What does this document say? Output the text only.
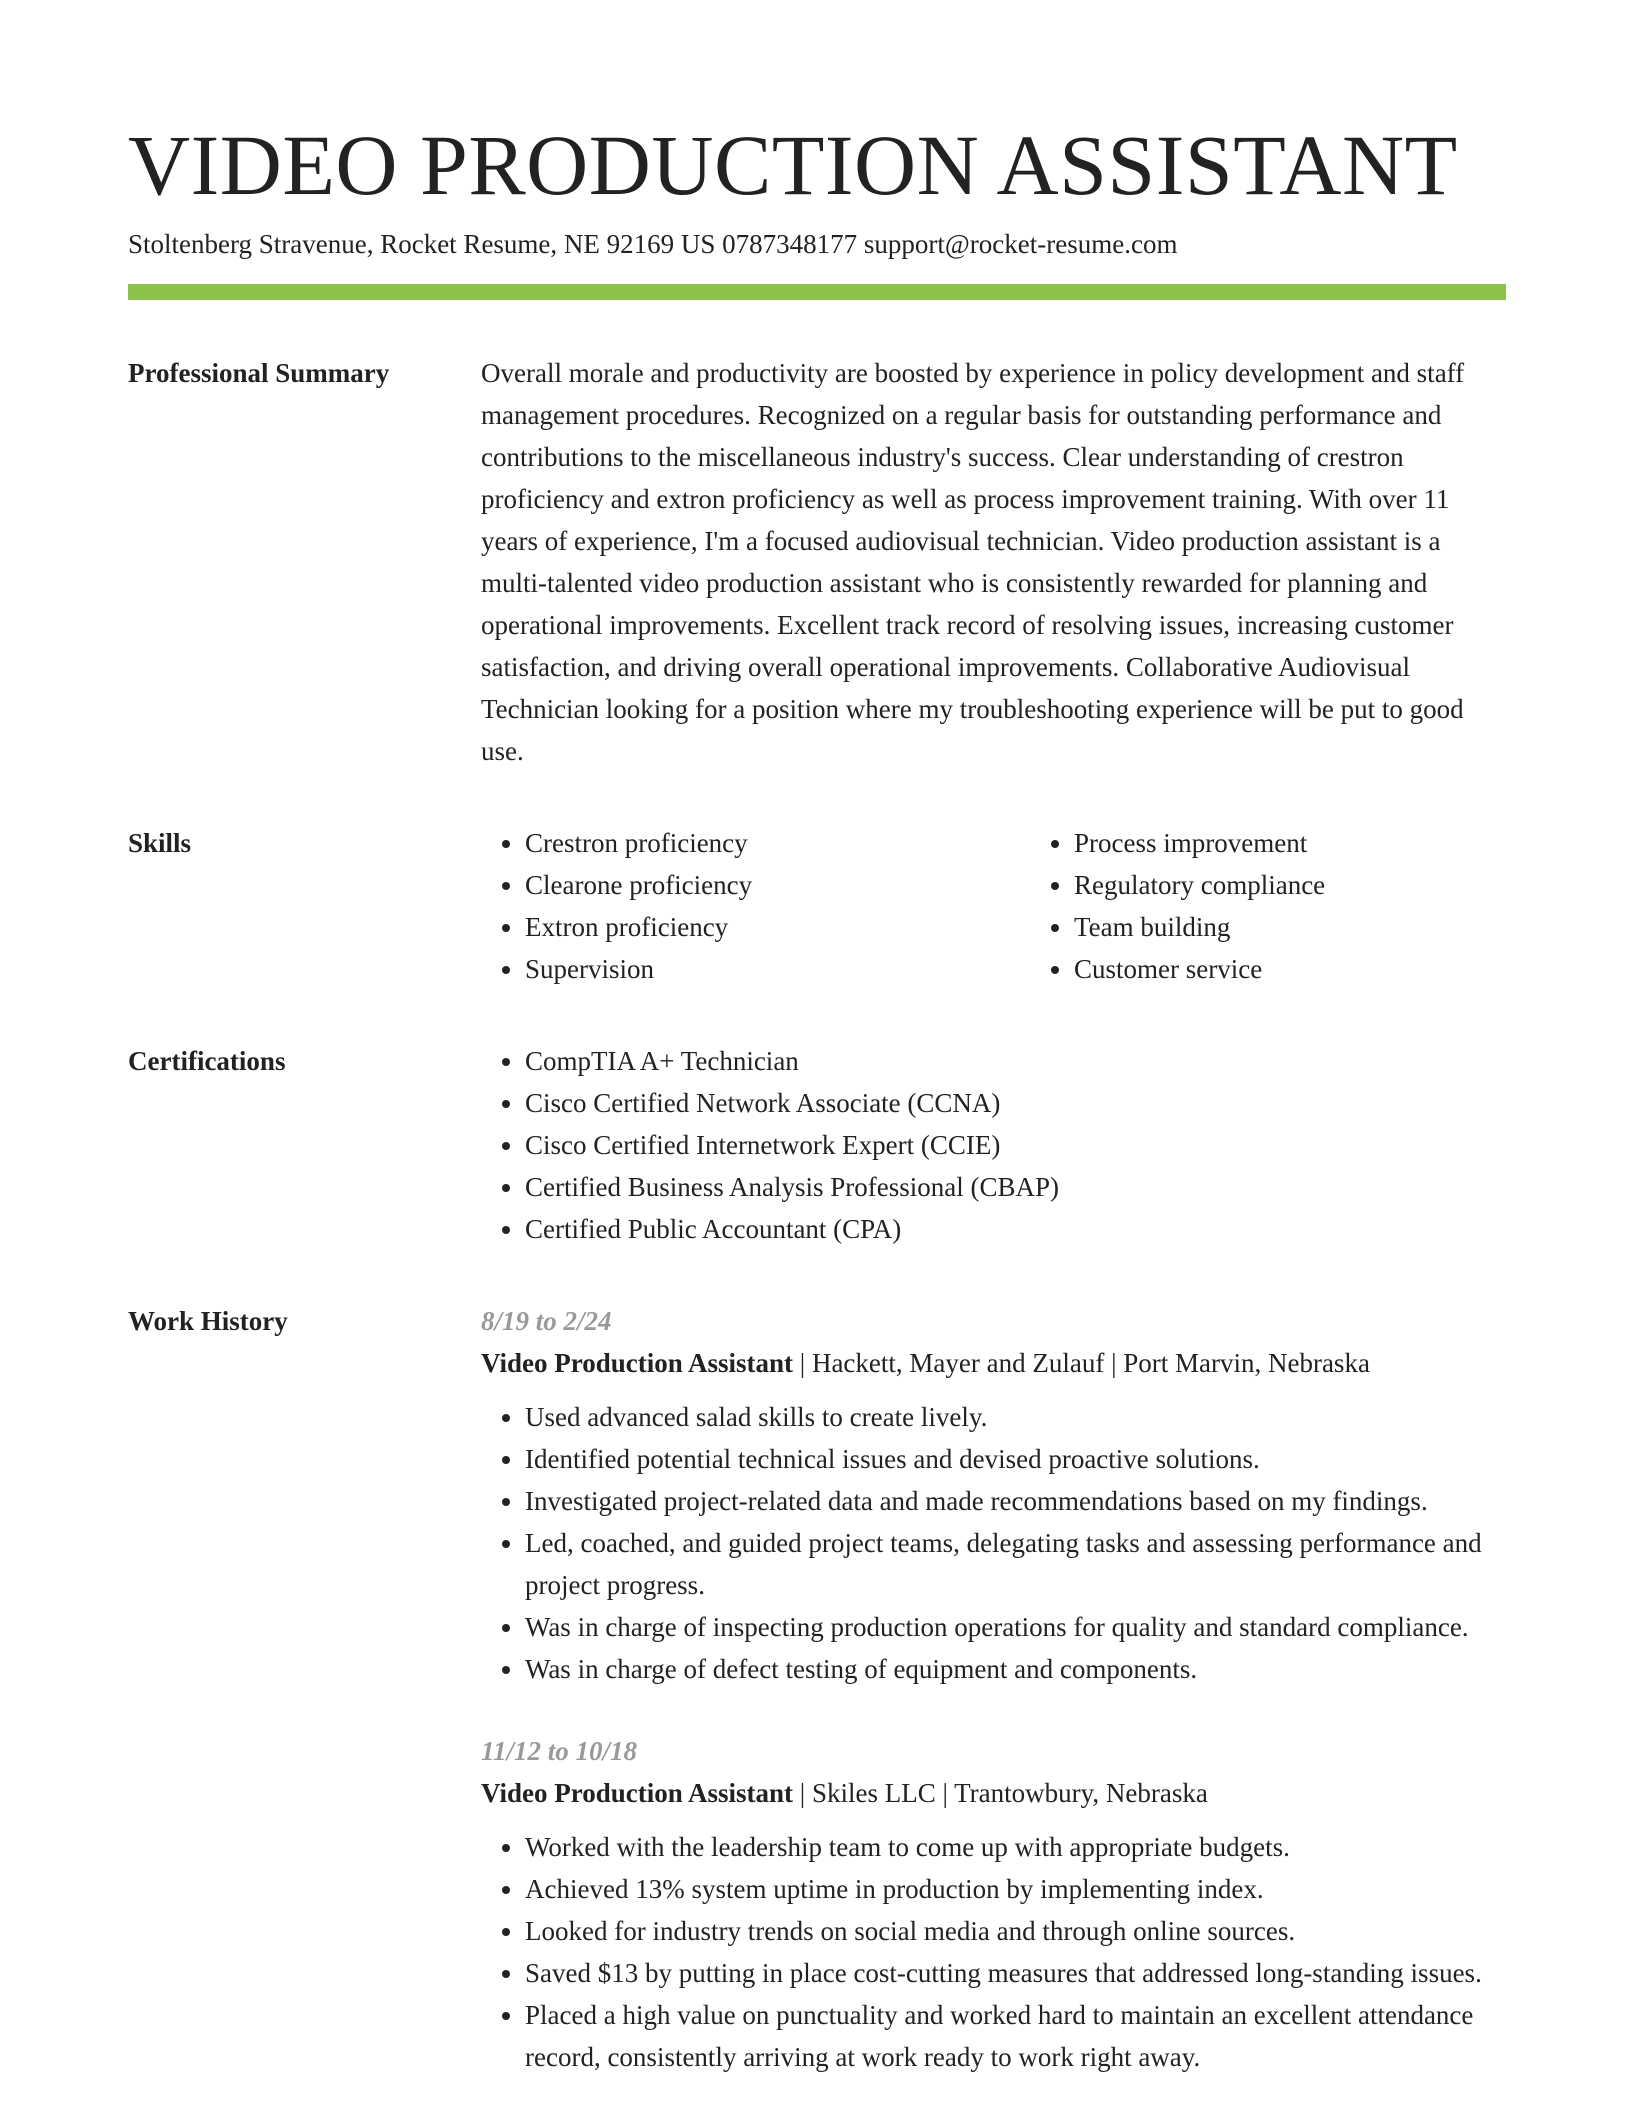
VIDEO PRODUCTION ASSISTANT
Stoltenberg Stravenue, Rocket Resume, NE 92169 US 0787348177 support@rocket-resume.com
Professional Summary	Overall morale and productivity are boosted by experience in policy development and staff management procedures. Recognized on a regular basis for outstanding performance and contributions to the miscellaneous industry's success. Clear understanding of crestron proficiency and extron proficiency as well as process improvement training. With over 11 years of experience, I'm a focused audiovisual technician. Video production assistant is a multi-talented video production assistant who is consistently rewarded for planning and operational improvements. Excellent track record of resolving issues, increasing customer satisfaction, and driving overall operational improvements. Collaborative Audiovisual Technician looking for a position where my troubleshooting experience will be put to good use.

Skills	• Crestron proficiency
• Clearone proficiency
• Extron proficiency
• Supervision
• Process improvement
• Regulatory compliance
• Team building
• Customer service
Certifications	• CompTIA A+ Technician
• Cisco Certified Network Associate (CCNA)
• Cisco Certified Internetwork Expert (CCIE)
• Certified Business Analysis Professional (CBAP)
• Certified Public Accountant (CPA)
Work History	8/19 to 2/24
Video Production Assistant | Hackett, Mayer and Zulauf | Port Marvin, Nebraska
• Used advanced salad skills to create lively.
• Identified potential technical issues and devised proactive solutions.
• Investigated project-related data and made recommendations based on my findings.
• Led, coached, and guided project teams, delegating tasks and assessing performance and project progress.
• Was in charge of inspecting production operations for quality and standard compliance.
• Was in charge of defect testing of equipment and components.
11/12 to 10/18
Video Production Assistant | Skiles LLC | Trantowbury, Nebraska
• Worked with the leadership team to come up with appropriate budgets.
• Achieved 13% system uptime in production by implementing index.
• Looked for industry trends on social media and through online sources.
• Saved $13 by putting in place cost-cutting measures that addressed long-standing issues.
• Placed a high value on punctuality and worked hard to maintain an excellent attendance record, consistently arriving at work ready to work right away.
